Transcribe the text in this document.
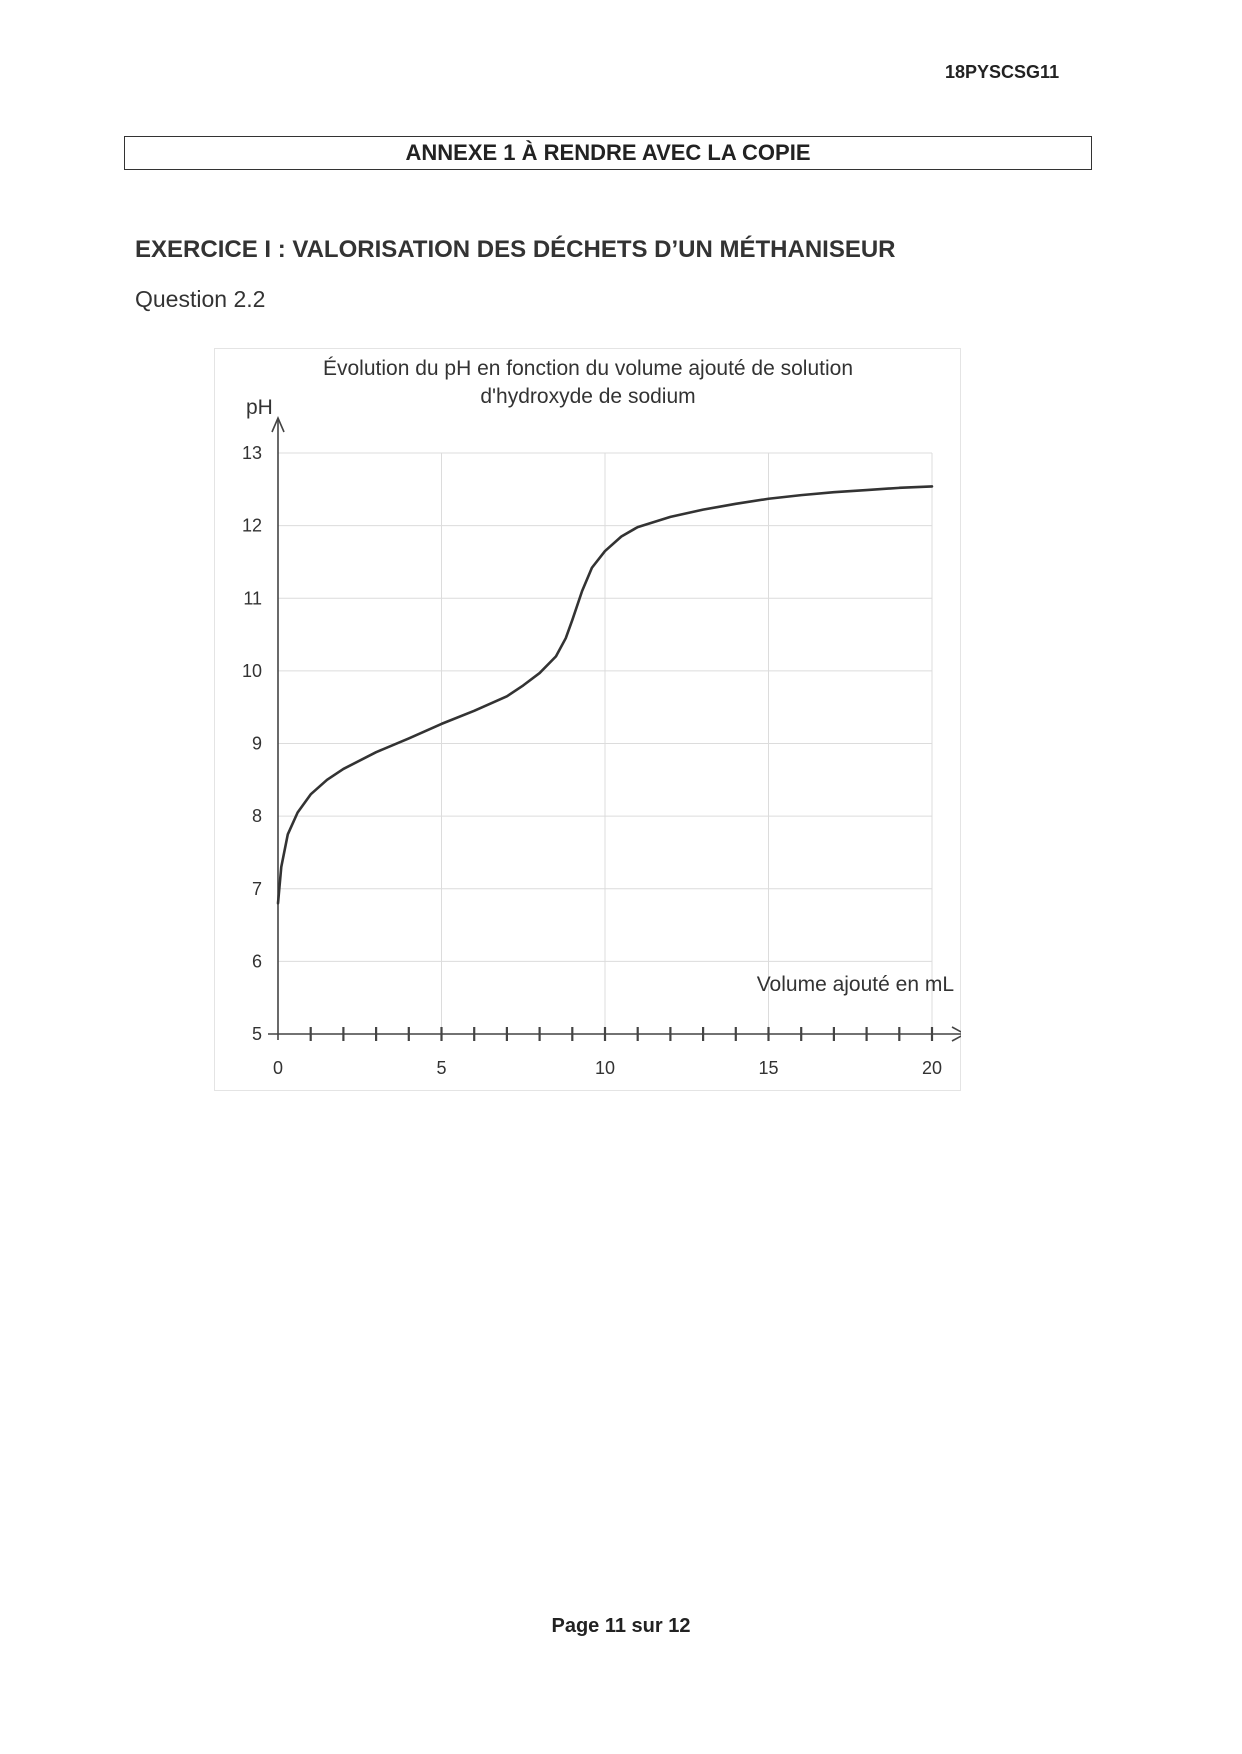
18PYSCSG11
ANNEXE 1 À RENDRE AVEC LA COPIE
EXERCICE I : VALORISATION DES DÉCHETS D’UN MÉTHANISEUR
Question 2.2
5
6
7
8
9
10
11
12
13
0	5	10	15	20
Évolution du pH en fonction du volume ajouté de solution
d'hydroxyde de sodium
pH
Volume ajouté en mL
Page 11 sur 12
